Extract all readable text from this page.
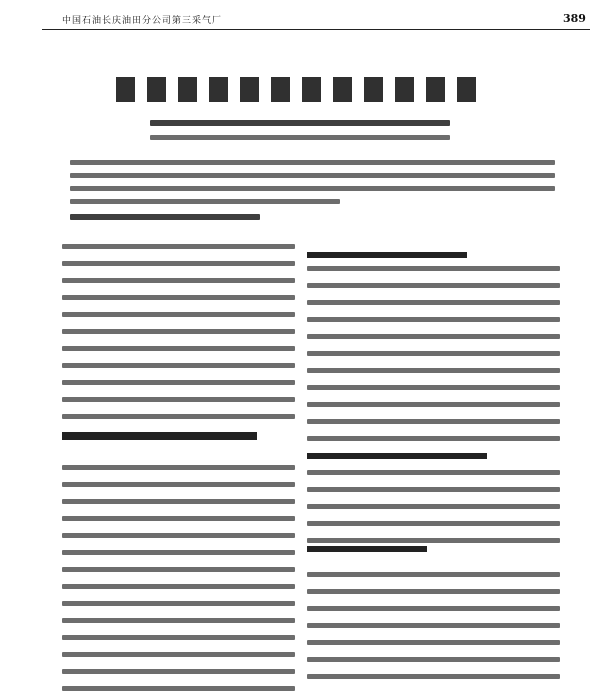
中国石油长庆油田分公司第三采气厂	389
